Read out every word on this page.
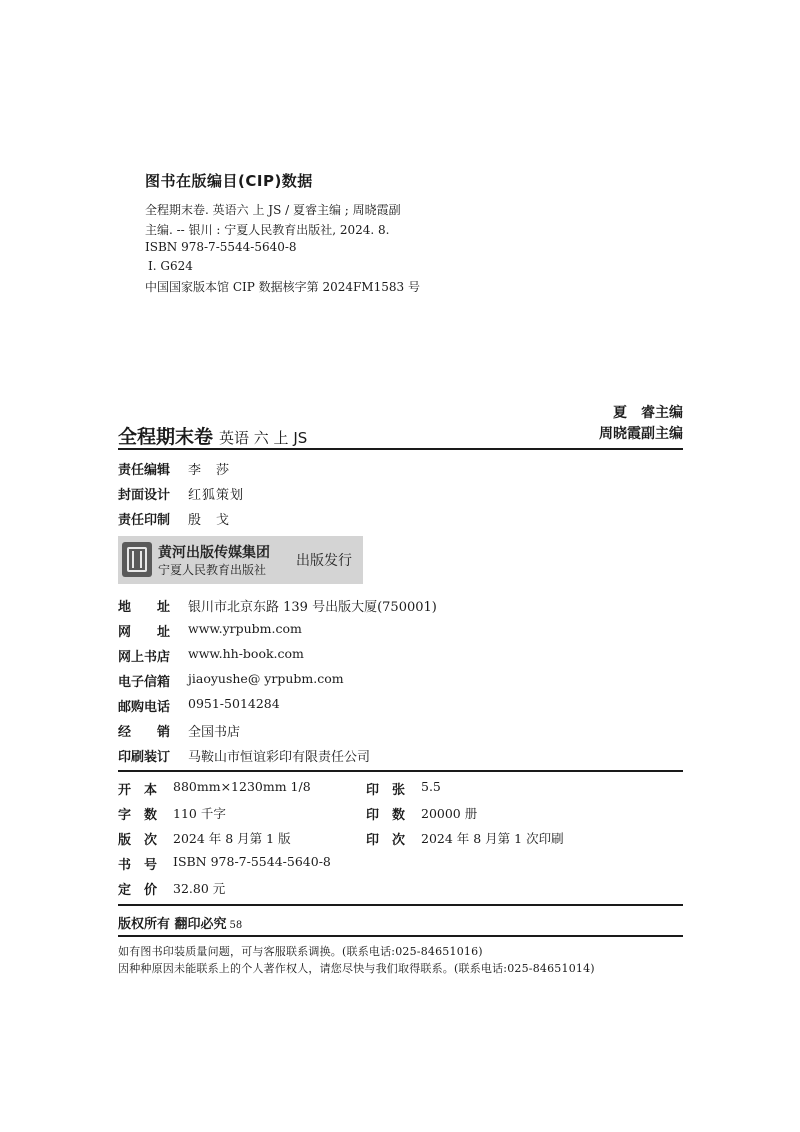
图书在版编目(CIP)数据
全程期末卷. 英语六 上 JS / 夏睿主编 ; 周晓霞副
主编. -- 银川 : 宁夏人民教育出版社, 2024. 8.
ISBN 978-7-5544-5640-8
Ⅰ. G624
中国国家版本馆 CIP 数据核字第 2024FM1583 号
全程期末卷 英语 六 上 JS
夏　睿主编
周晓霞副主编
责任编辑 李　莎
封面设计 红狐策划
责任印制 殷　戈
黄河出版传媒集团
宁夏人民教育出版社
出版发行
地　　址 银川市北京东路 139 号出版大厦(750001)
网　　址 www.yrpubm.com
网上书店 www.hh-book.com
电子信箱 jiaoyushe@ yrpubm.com
邮购电话 0951-5014284
经　　销 全国书店
印刷装订 马鞍山市恒谊彩印有限责任公司
开　本 880mm×1230mm 1/8	印　张 5.5
字　数 110 千字	印　数 20000 册
版　次 2024 年 8 月第 1 版	印　次 2024 年 8 月第 1 次印刷
书　号 ISBN 978-7-5544-5640-8
定　价 32.80 元
版权所有 翻印必究 58
如有图书印装质量问题，可与客服联系调换。(联系电话:025-84651016)
因种种原因未能联系上的个人著作权人，请您尽快与我们取得联系。(联系电话:025-84651014)
